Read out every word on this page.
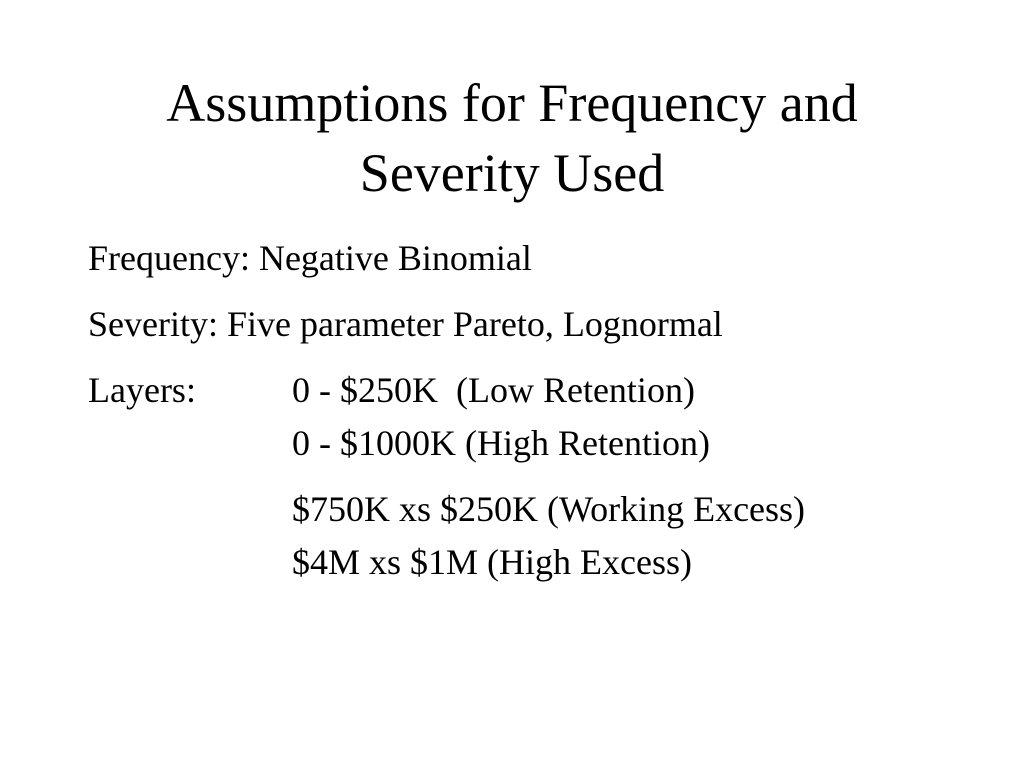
Assumptions for Frequency and
Severity Used
Frequency: Negative Binomial
Severity: Five parameter Pareto, Lognormal
Layers:	0 - $250K  (Low Retention)
0 - $1000K (High Retention)
$750K xs $250K (Working Excess)
$4M xs $1M (High Excess)
